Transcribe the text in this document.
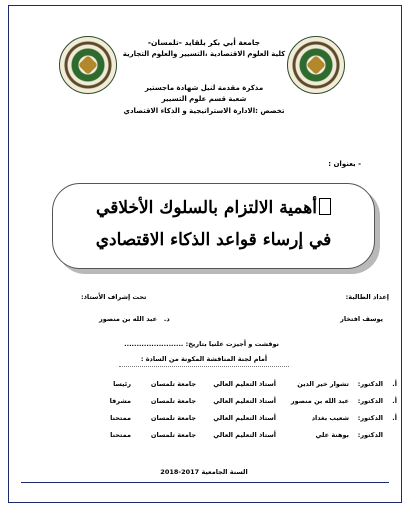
جامعة أبي بكر بلقايد -تلمسان-
كلية العلوم الاقتصادية ،التسيير والعلوم التجارية
مذكرة مقدمة لنيل شهادة ماجستير
شعبة قسم علوم التسيير
تخصص :الادارة الاستراتيجية و الذكاء الاقتصادي
- بعنوان :
أهمية الالتزام بالسلوك الأخلاقي
في إرساء قواعد الذكاء الاقتصادي
إعداد الطالبة:
يوسف افتخار
تحت إشراف الأستاذ:
د.   عبد الله بن منصور
نوقشت و أجيزت علنيا بتاريخ: ........................
أمام لجنة المناقشة المكونة من السادة :
أ.
الدكتور:
تشوار خير الدين
أستاذ التعليم العالي
جامعة تلمسان
رئيسا
أ.
الدكتور:
عبد الله بن منصور
أستاذ التعليم العالي
جامعة تلمسان
مشرفا
أ.
الدكتور:
شعيب بغداد
أستاذ التعليم العالي
جامعة تلمسان
ممتحنا
الدكتور:
بوهنة علي
أستاذ التعليم العالي
جامعة تلمسان
ممتحنا
السنة الجامعية 2017-2018
